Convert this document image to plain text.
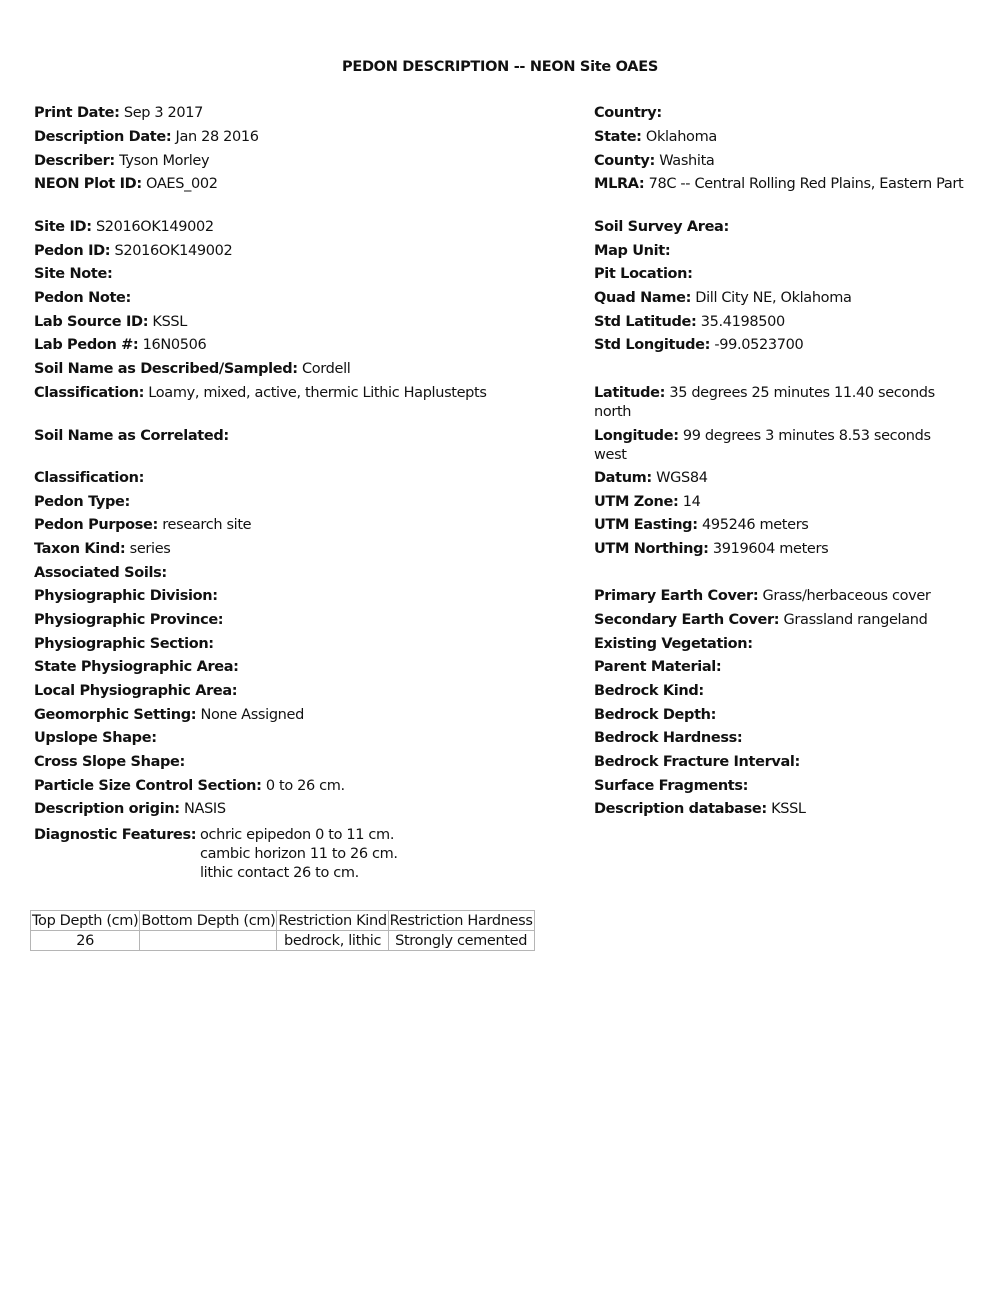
PEDON DESCRIPTION -- NEON Site OAES
Print Date: Sep 3 2017
Description Date: Jan 28 2016
Describer: Tyson Morley
NEON Plot ID: OAES_002
Site ID: S2016OK149002
Pedon ID: S2016OK149002
Site Note:
Pedon Note:
Lab Source ID: KSSL
Lab Pedon #: 16N0506
Soil Name as Described/Sampled: Cordell
Classification: Loamy, mixed, active, thermic Lithic Haplustepts
Soil Name as Correlated:
Classification:
Pedon Type:
Pedon Purpose: research site
Taxon Kind: series
Associated Soils:
Physiographic Division:
Physiographic Province:
Physiographic Section:
State Physiographic Area:
Local Physiographic Area:
Geomorphic Setting: None Assigned
Upslope Shape:
Cross Slope Shape:
Particle Size Control Section: 0 to 26 cm.
Description origin: NASIS
Diagnostic Features: ochric epipedon 0 to 11 cm.
cambic horizon 11 to 26 cm.
lithic contact 26 to cm.
Country:
State: Oklahoma
County: Washita
MLRA: 78C -- Central Rolling Red Plains, Eastern Part
Soil Survey Area:
Map Unit:
Pit Location:
Quad Name: Dill City NE, Oklahoma
Std Latitude: 35.4198500
Std Longitude: -99.0523700
Latitude: 35 degrees 25 minutes 11.40 seconds north
Longitude: 99 degrees 3 minutes 8.53 seconds west
Datum: WGS84
UTM Zone: 14
UTM Easting: 495246 meters
UTM Northing: 3919604 meters
Primary Earth Cover: Grass/herbaceous cover
Secondary Earth Cover: Grassland rangeland
Existing Vegetation:
Parent Material:
Bedrock Kind:
Bedrock Depth:
Bedrock Hardness:
Bedrock Fracture Interval:
Surface Fragments:
Description database: KSSL
Top Depth (cm)	Bottom Depth (cm)	Restriction Kind	Restriction Hardness
26		bedrock, lithic	Strongly cemented
